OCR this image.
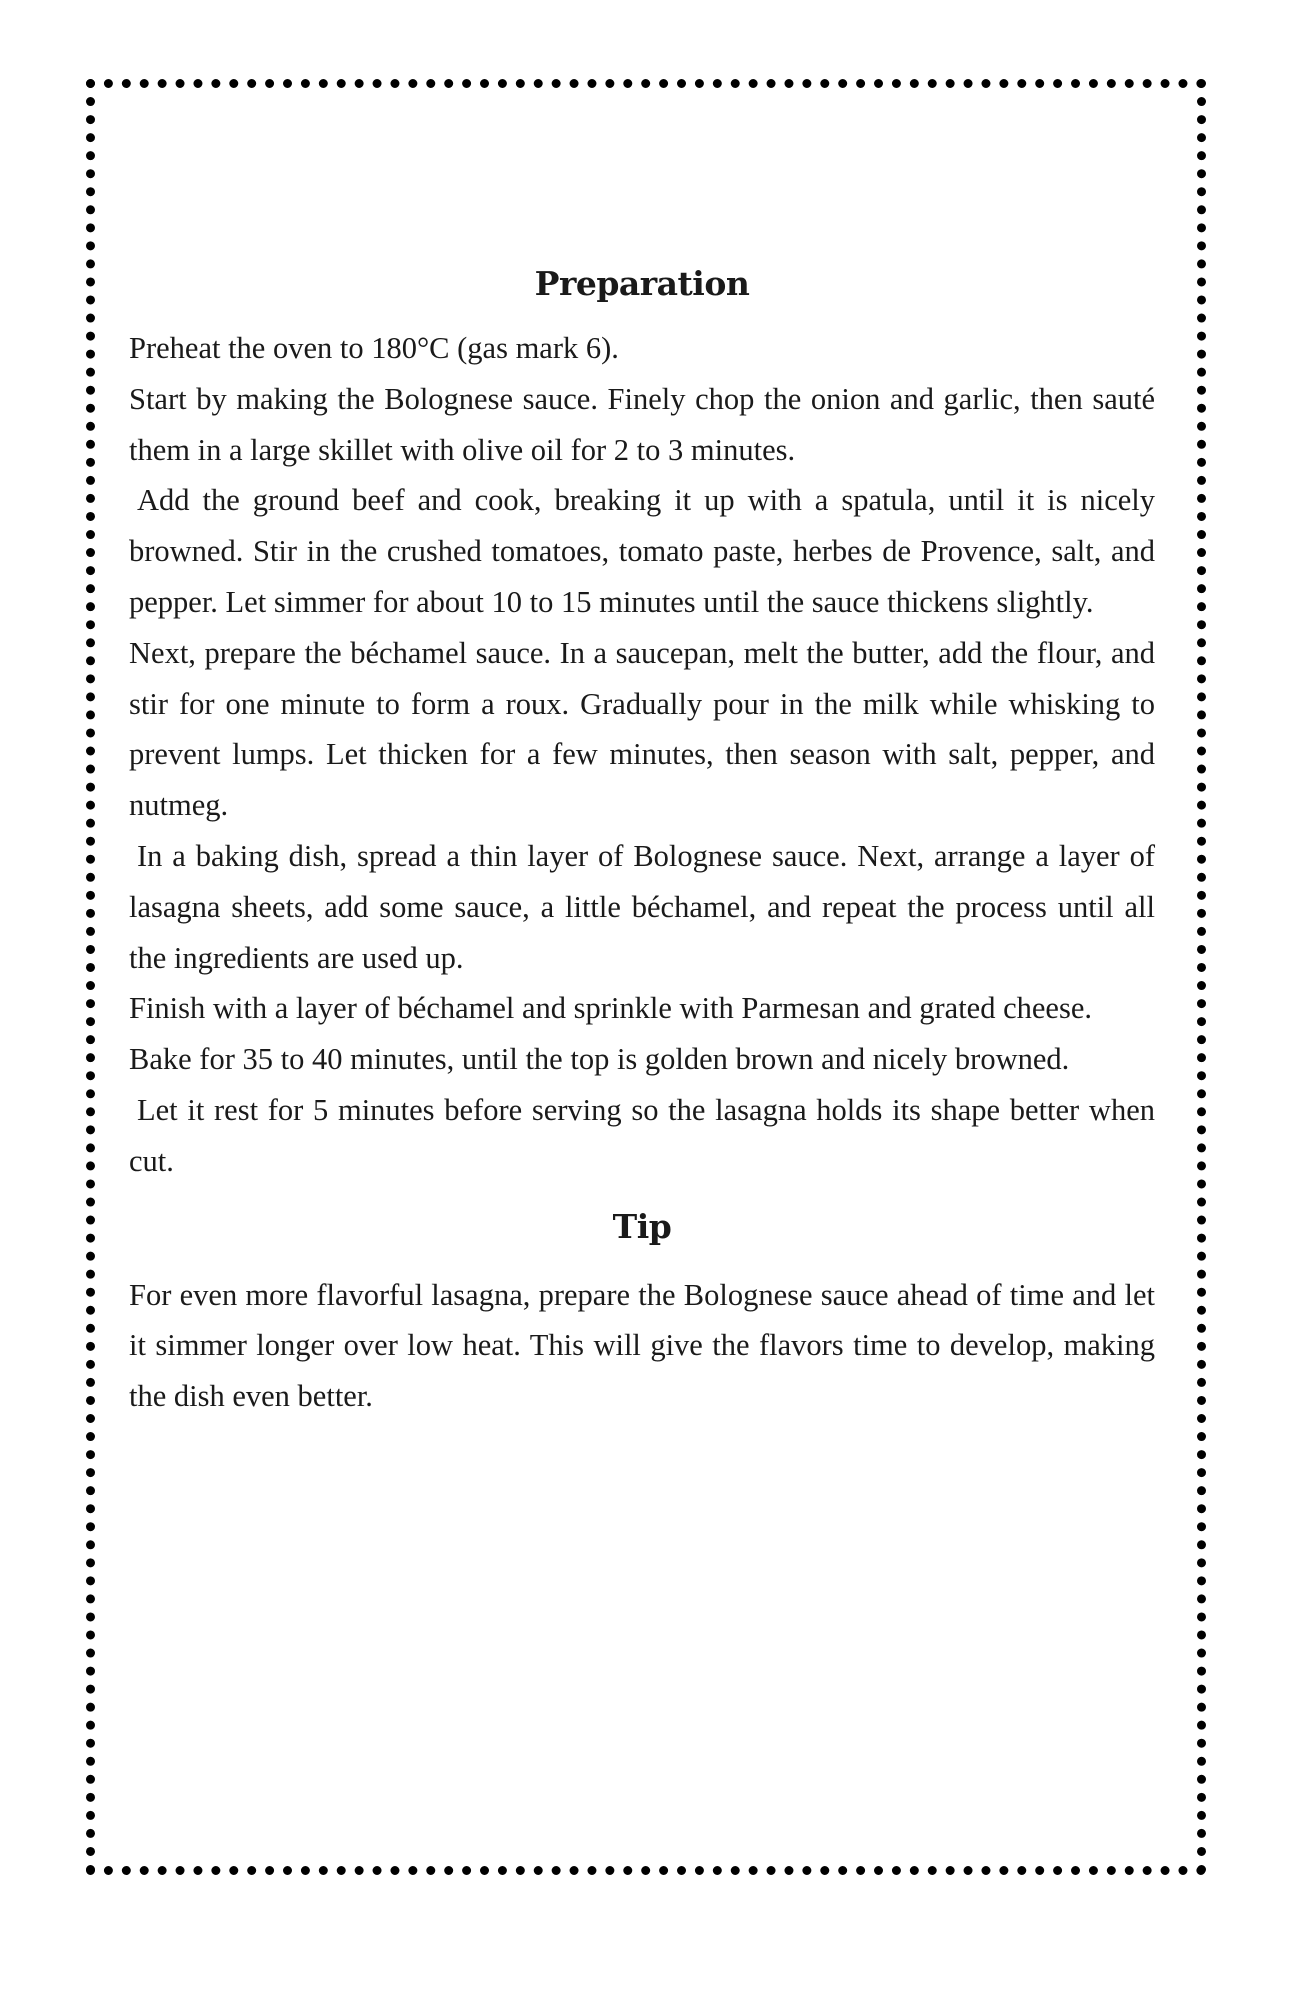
Preparation

Preheat the oven to 180°C (gas mark 6).

Start by making the Bolognese sauce. Finely chop the onion and garlic, then sauté them in a large skillet with olive oil for 2 to 3 minutes.

Add the ground beef and cook, breaking it up with a spatula, until it is nicely browned. Stir in the crushed tomatoes, tomato paste, herbes de Provence, salt, and pepper. Let simmer for about 10 to 15 minutes until the sauce thickens slightly.

Next, prepare the béchamel sauce. In a saucepan, melt the butter, add the flour, and stir for one minute to form a roux. Gradually pour in the milk while whisking to prevent lumps. Let thicken for a few minutes, then season with salt, pepper, and nutmeg.

In a baking dish, spread a thin layer of Bolognese sauce. Next, arrange a layer of lasagna sheets, add some sauce, a little béchamel, and repeat the process until all the ingredients are used up.

Finish with a layer of béchamel and sprinkle with Parmesan and grated cheese.

Bake for 35 to 40 minutes, until the top is golden brown and nicely browned.

Let it rest for 5 minutes before serving so the lasagna holds its shape better when cut.

Tip

For even more flavorful lasagna, prepare the Bolognese sauce ahead of time and let it simmer longer over low heat. This will give the flavors time to develop, making the dish even better.
